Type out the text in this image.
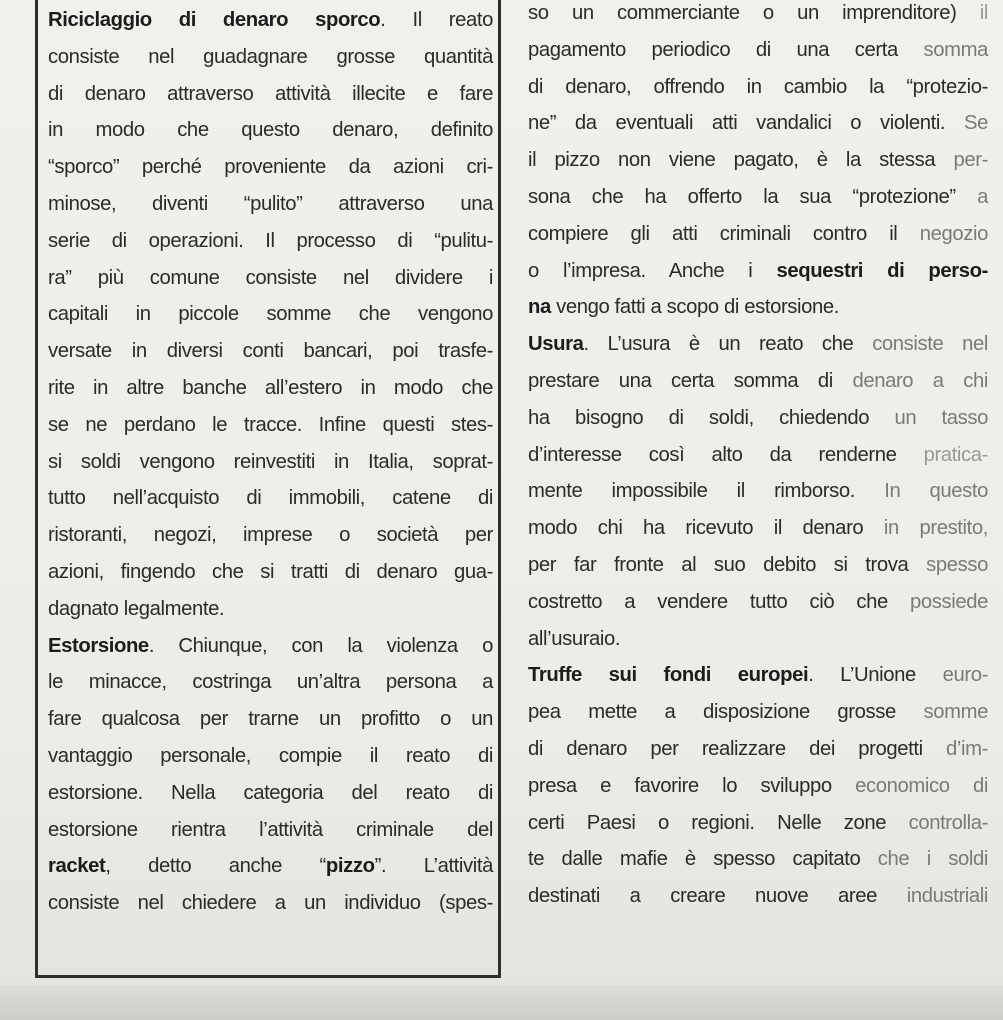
Riciclaggio di denaro sporco. Il reato
consiste nel guadagnare grosse quantità
di denaro attraverso attività illecite e fare
in modo che questo denaro, definito
“sporco” perché proveniente da azioni cri-
minose, diventi “pulito” attraverso una
serie di operazioni. Il processo di “pulitu-
ra” più comune consiste nel dividere i
capitali in piccole somme che vengono
versate in diversi conti bancari, poi trasfe-
rite in altre banche all’estero in modo che
se ne perdano le tracce. Infine questi stes-
si soldi vengono reinvestiti in Italia, soprat-
tutto nell’acquisto di immobili, catene di
ristoranti, negozi, imprese o società per
azioni, fingendo che si tratti di denaro gua-
dagnato legalmente.
Estorsione. Chiunque, con la violenza o
le minacce, costringa un’altra persona a
fare qualcosa per trarne un profitto o un
vantaggio personale, compie il reato di
estorsione. Nella categoria del reato di
estorsione rientra l’attività criminale del
racket, detto anche “pizzo”. L’attività
consiste nel chiedere a un individuo (spes-
so un commerciante o un imprenditore) il
pagamento periodico di una certa somma
di denaro, offrendo in cambio la “protezio-
ne” da eventuali atti vandalici o violenti. Se
il pizzo non viene pagato, è la stessa per-
sona che ha offerto la sua “protezione” a
compiere gli atti criminali contro il negozio
o l’impresa. Anche i sequestri di perso-
na vengo fatti a scopo di estorsione.
Usura. L’usura è un reato che consiste nel
prestare una certa somma di denaro a chi
ha bisogno di soldi, chiedendo un tasso
d’interesse così alto da renderne pratica-
mente impossibile il rimborso. In questo
modo chi ha ricevuto il denaro in prestito,
per far fronte al suo debito si trova spesso
costretto a vendere tutto ciò che possiede
all’usuraio.
Truffe sui fondi europei. L’Unione euro-
pea mette a disposizione grosse somme
di denaro per realizzare dei progetti d’im-
presa e favorire lo sviluppo economico di
certi Paesi o regioni. Nelle zone controlla-
te dalle mafie è spesso capitato che i soldi
destinati a creare nuove aree industriali
